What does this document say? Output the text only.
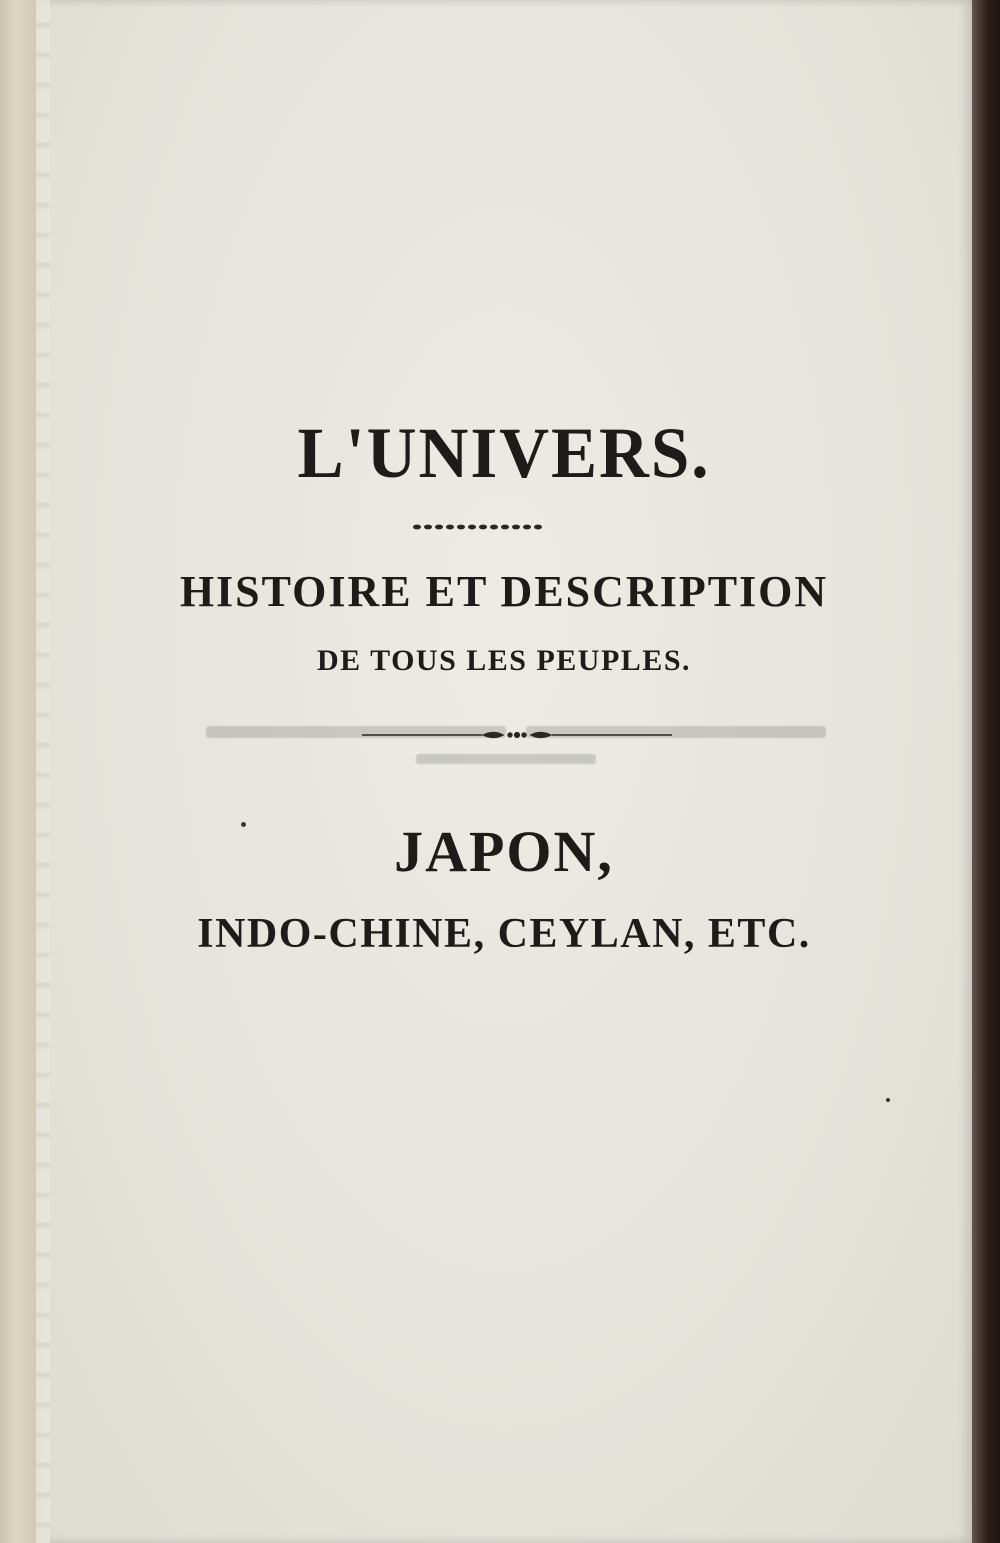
L'UNIVERS.
HISTOIRE ET DESCRIPTION
DE TOUS LES PEUPLES.
JAPON,
INDO-CHINE, CEYLAN, ETC.
